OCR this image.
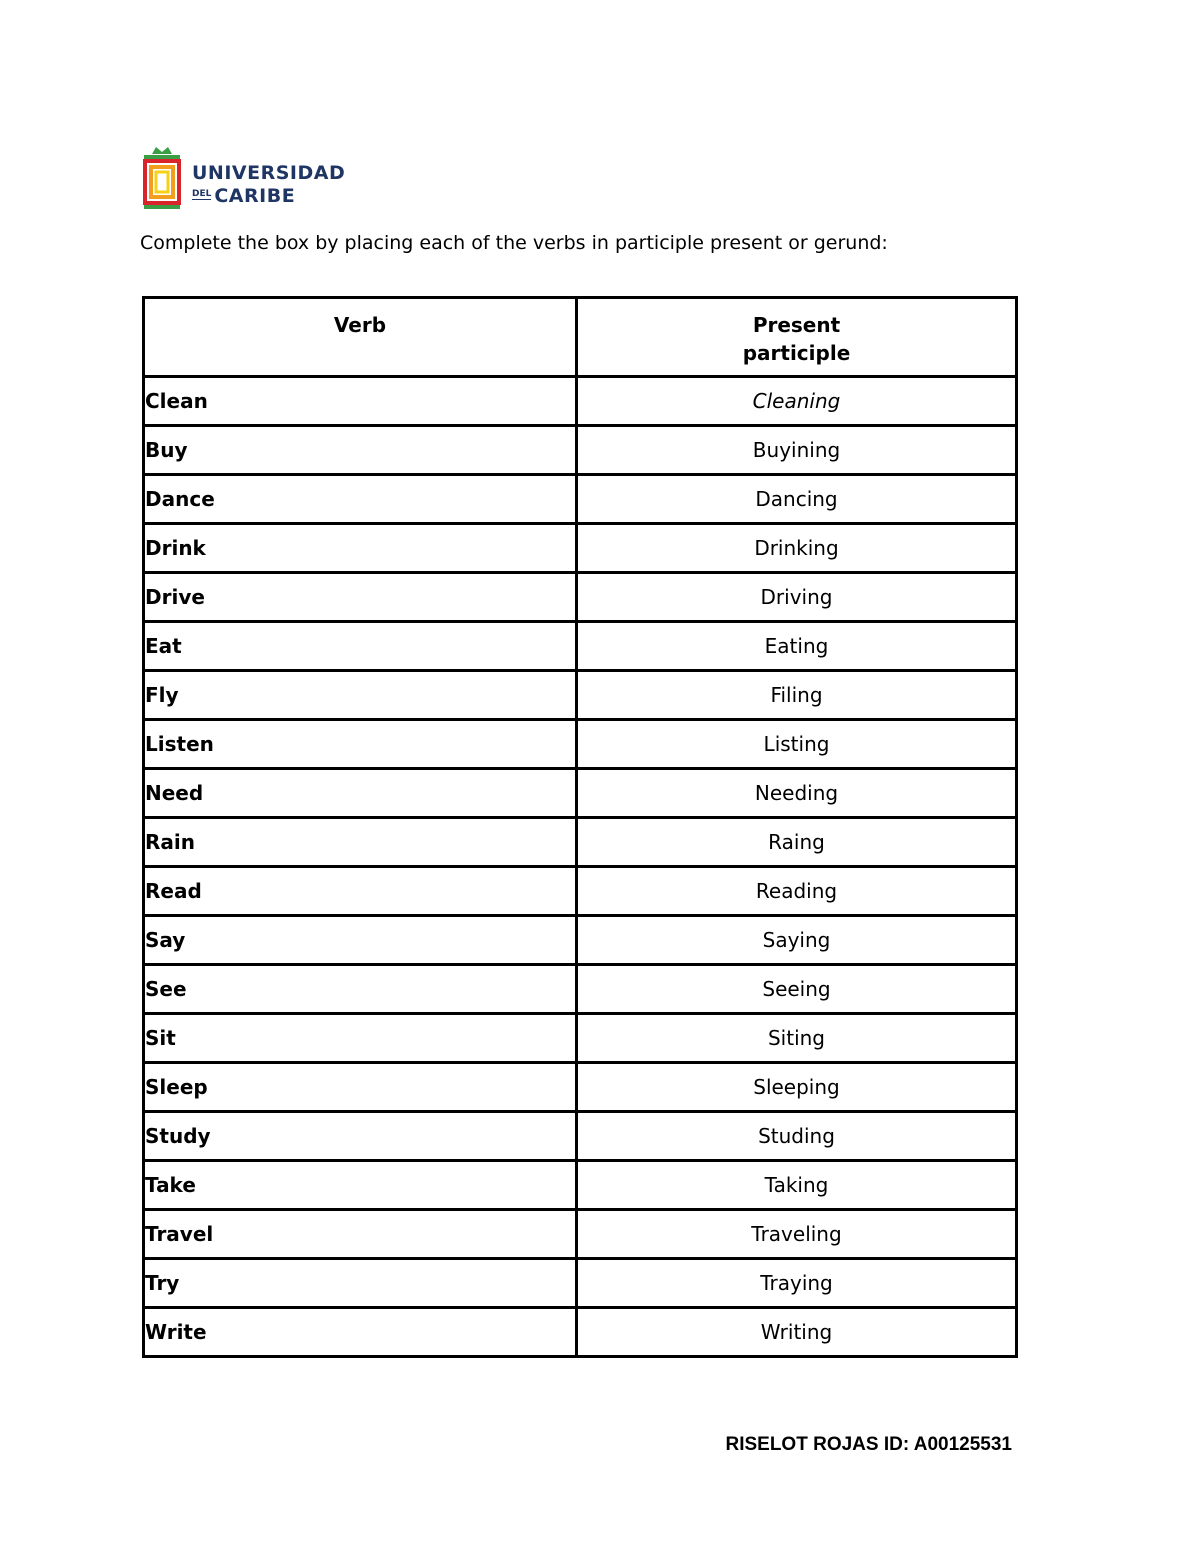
UNIVERSIDAD
DEL CARIBE
Complete the box by placing each of the verbs in participle present or gerund:
Verb	Present participle
Clean	Cleaning
Buy	Buyining
Dance	Dancing
Drink	Drinking
Drive	Driving
Eat	Eating
Fly	Filing
Listen	Listing
Need	Needing
Rain	Raing
Read	Reading
Say	Saying
See	Seeing
Sit	Siting
Sleep	Sleeping
Study	Studing
Take	Taking
Travel	Traveling
Try	Traying
Write	Writing
RISELOT ROJAS ID: A00125531
